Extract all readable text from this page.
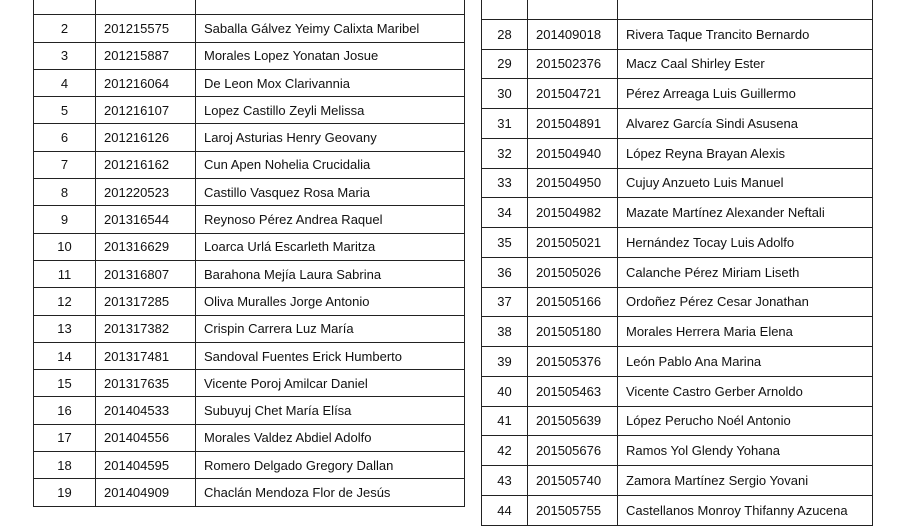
2	201215575	Saballa Gálvez Yeimy Calixta Maribel
3	201215887	Morales Lopez Yonatan Josue
4	201216064	De Leon Mox Clarivannia
5	201216107	Lopez Castillo Zeyli Melissa
6	201216126	Laroj Asturias Henry Geovany
7	201216162	Cun Apen Nohelia Crucidalia
8	201220523	Castillo Vasquez Rosa Maria
9	201316544	Reynoso Pérez Andrea Raquel
10	201316629	Loarca Urlá Escarleth Maritza
11	201316807	Barahona Mejía Laura Sabrina
12	201317285	Oliva Muralles Jorge Antonio
13	201317382	Crispin Carrera Luz María
14	201317481	Sandoval Fuentes Erick Humberto
15	201317635	Vicente Poroj Amilcar Daniel
16	201404533	Subuyuj Chet María Elísa
17	201404556	Morales Valdez Abdiel Adolfo
18	201404595	Romero Delgado Gregory Dallan
19	201404909	Chaclán Mendoza Flor de Jesús

28	201409018	Rivera Taque Trancito Bernardo
29	201502376	Macz Caal Shirley Ester
30	201504721	Pérez Arreaga Luis Guillermo
31	201504891	Alvarez García Sindi Asusena
32	201504940	López Reyna Brayan Alexis
33	201504950	Cujuy Anzueto Luis Manuel
34	201504982	Mazate Martínez Alexander Neftali
35	201505021	Hernández Tocay Luis Adolfo
36	201505026	Calanche Pérez Miriam Liseth
37	201505166	Ordoñez Pérez Cesar Jonathan
38	201505180	Morales Herrera Maria Elena
39	201505376	León Pablo Ana Marina
40	201505463	Vicente Castro Gerber Arnoldo
41	201505639	López Perucho Noél Antonio
42	201505676	Ramos Yol Glendy Yohana
43	201505740	Zamora Martínez Sergio Yovani
44	201505755	Castellanos Monroy Thifanny Azucena
